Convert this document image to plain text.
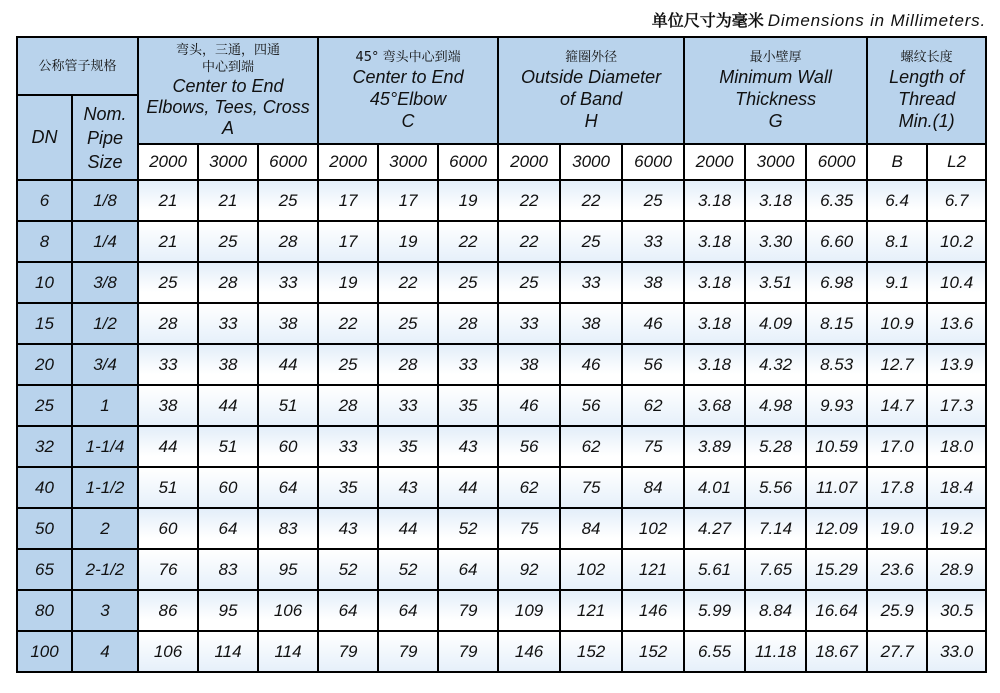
单位尺寸为毫米 Dimensions in Millimeters.
公称管子规格		弯头，三通，四通
中心到端
Center to End
Elbows, Tees, Cross
A			45° 弯头中心到端
Center to End
45°Elbow
C			箍圈外径
Outside Diameter
of Band
H			最小壁厚
Minimum Wall
Thickness
G			螺纹长度
Length of
Thread
Min.(1)	

DN	Nom. Pipe Size														
		2000	3000	6000	2000	3000	6000	2000	3000	6000	2000	3000	6000	B	L2
6	1/8	21	21	25	17	17	19	22	22	25	3.18	3.18	6.35	6.4	6.7
8	1/4	21	25	28	17	19	22	22	25	33	3.18	3.30	6.60	8.1	10.2
10	3/8	25	28	33	19	22	25	25	33	38	3.18	3.51	6.98	9.1	10.4
15	1/2	28	33	38	22	25	28	33	38	46	3.18	4.09	8.15	10.9	13.6
20	3/4	33	38	44	25	28	33	38	46	56	3.18	4.32	8.53	12.7	13.9
25	1	38	44	51	28	33	35	46	56	62	3.68	4.98	9.93	14.7	17.3
32	1-1/4	44	51	60	33	35	43	56	62	75	3.89	5.28	10.59	17.0	18.0
40	1-1/2	51	60	64	35	43	44	62	75	84	4.01	5.56	11.07	17.8	18.4
50	2	60	64	83	43	44	52	75	84	102	4.27	7.14	12.09	19.0	19.2
65	2-1/2	76	83	95	52	52	64	92	102	121	5.61	7.65	15.29	23.6	28.9
80	3	86	95	106	64	64	79	109	121	146	5.99	8.84	16.64	25.9	30.5
100	4	106	114	114	79	79	79	146	152	152	6.55	11.18	18.67	27.7	33.0
